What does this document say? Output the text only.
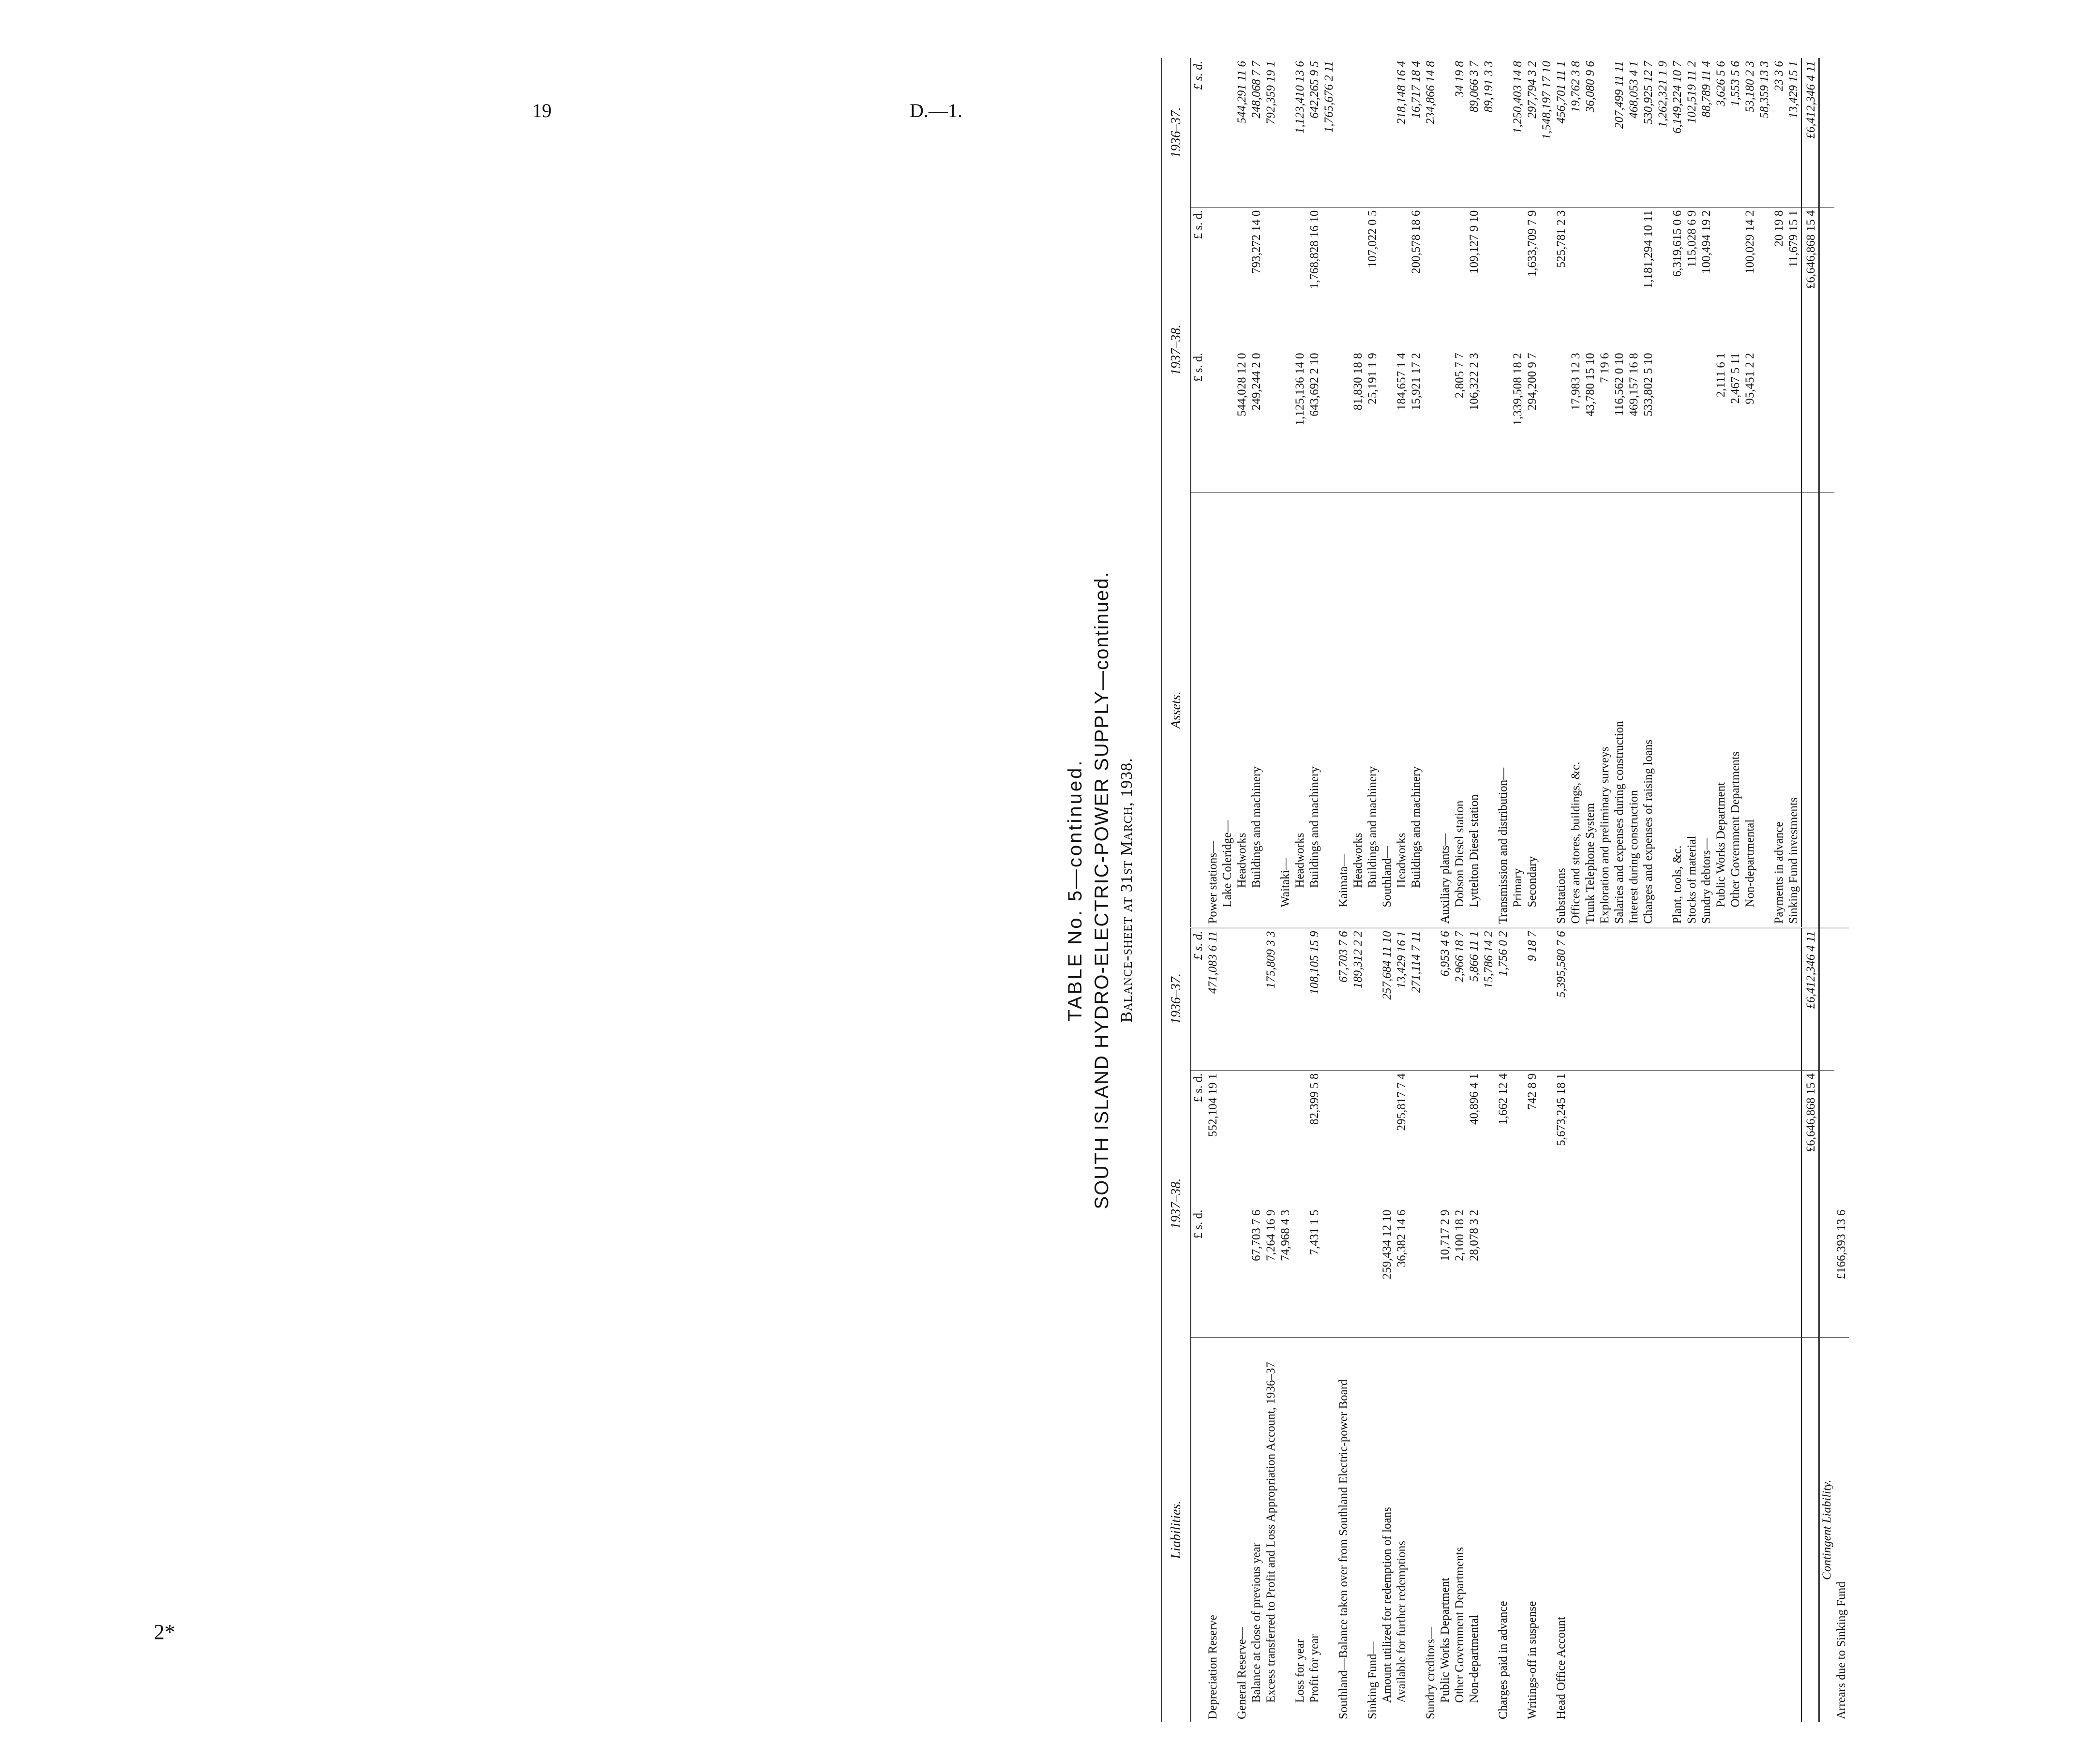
19	D.—1.
2*
TABLE No. 5—continued. SOUTH ISLAND HYDRO-ELECTRIC-POWER SUPPLY—continued. Balance-sheet at 31st March, 1938.
Liabilities.	1937–38.		1936–37.	Assets.	1937–38.		1936–37.
	£ s. d.	£ s. d.	£ s. d.		£ s. d.	£ s. d.	£ s. d.
Depreciation Reserve		552,104 19 1	471,083 6 11	Power stations—			
				Lake Coleridge—			
General Reserve—				Headworks	544,028 12 0		544,291 11 6
Balance at close of previous year	67,703 7 6			Buildings and machinery	249,244 2 0	793,272 14 0	248,068 7 7
Excess transferred to Profit and Loss Appropriation Account, 1936–37	7,264 16 9		175,809 3 3				792,359 19 1
	74,968 4 3			Waitaki—			
Loss for year				Headworks	1,125,136 14 0		1,123,410 13 6
Profit for year	7,431 1 5	82,399 5 8	108,105 15 9	Buildings and machinery	643,692 2 10	1,768,828 16 10	642,265 9 5
							1,765,676 2 11
Southland—Balance taken over from Southland Electric-power Board			67,703 7 6	Kaimata—			
			189,312 2 2	Headworks	81,830 18 8		
Sinking Fund—				Buildings and machinery	25,191 1 9	107,022 0 5	
Amount utilized for redemption of loans	259,434 12 10		257,684 11 10	Southland—			
Available for further redemptions	36,382 14 6	295,817 7 4	13,429 16 1	Headworks	184,657 1 4		218,148 16 4
			271,114 7 11	Buildings and machinery	15,921 17 2	200,578 18 6	16,717 18 4
Sundry creditors—							234,866 14 8
Public Works Department	10,717 2 9		6,953 4 6	Auxiliary plants—			
Other Government Departments	2,100 18 2		2,966 18 7	Dobson Diesel station	2,805 7 7		34 19 8
Non-departmental	28,078 3 2	40,896 4 1	5,866 11 1	Lyttelton Diesel station	106,322 2 3	109,127 9 10	89,066 3 7
			15,786 14 2				89,191 3 3
Charges paid in advance		1,662 12 4	1,756 0 2	Transmission and distribution—			
				Primary	1,339,508 18 2		1,250,403 14 8
Writings-off in suspense		742 8 9	9 18 7	Secondary	294,200 9 7	1,633,709 7 9	297,794 3 2
							1,548,197 17 10
Head Office Account		5,673,245 18 1	5,395,580 7 6	Substations		525,781 2 3	456,701 11 1
				Offices and stores, buildings, &c.	17,983 12 3		19,762 3 8
				Trunk Telephone System	43,780 15 10		36,080 9 6
				Exploration and preliminary surveys	7 19 6		
				Salaries and expenses during construction	116,562 0 10		207,499 11 11
				Interest during construction	469,157 16 8		468,053 4 1
				Charges and expenses of raising loans	533,802 5 10	1,181,294 10 11	530,925 12 7
							1,262,321 1 9
				Plant, tools, &c.		6,319,615 0 6	6,149,224 10 7
				Stocks of material		115,028 6 9	102,519 11 2
				Sundry debtors—		100,494 19 2	88,789 11 4
				Public Works Department	2,111 6 1		3,626 5 6
				Other Government Departments	2,467 5 11		1,553 5 6
				Non-departmental	95,451 2 2	100,029 14 2	53,180 2 3
							58,359 13 3
				Payments in advance		20 19 8	23 3 6
				Sinking Fund investments		11,679 15 1	13,429 15 1
		£6,646,868 15 4	£6,412,346 4 11			£6,646,868 15 4	£6,412,346 4 11
Contingent Liability.							
Arrears due to Sinking Fund	£166,393 13 6						
